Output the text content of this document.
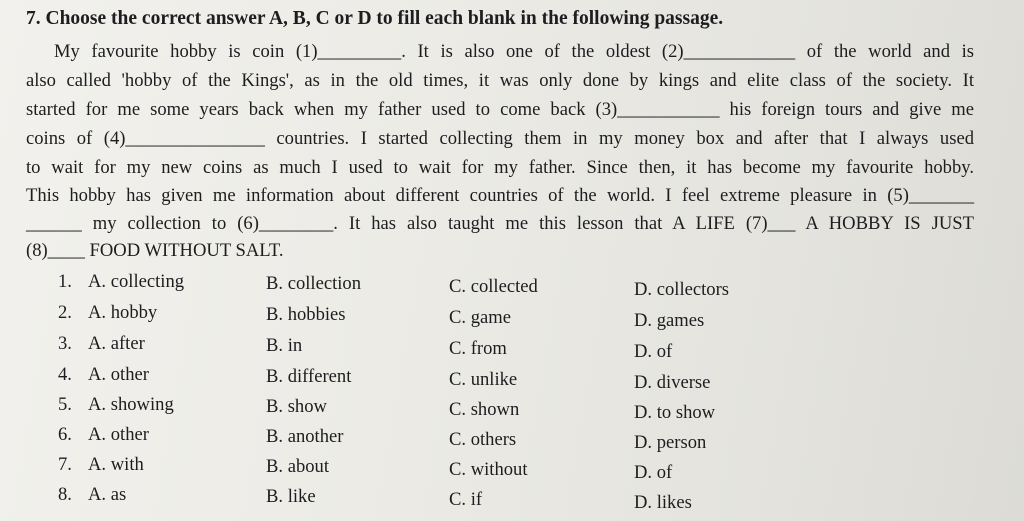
7. Choose the correct answer A, B, C or D to fill each blank in the following passage.
My favourite hobby is coin (1)_________. It is also one of the oldest (2)____________ of the world and is
also called 'hobby of the Kings', as in the old times, it was only done by kings and elite class of the society. It
started for me some years back when my father used to come back (3)___________ his foreign tours and give me
coins of (4)_______________ countries. I started collecting them in my money box and after that I always used
to wait for my new coins as much I used to wait for my father. Since then, it has become my favourite hobby.
This hobby has given me information about different countries of the world. I feel extreme pleasure in (5)_______
______ my collection to (6)________. It has also taught me this lesson that A LIFE (7)___ A HOBBY IS JUST
(8)____ FOOD WITHOUT SALT.
1. A. collecting	B. collection	C. collected	D. collectors
2. A. hobby	B. hobbies	C. game	D. games
3. A. after	B. in	C. from	D. of
4. A. other	B. different	C. unlike	D. diverse
5. A. showing	B. show	C. shown	D. to show
6. A. other	B. another	C. others	D. person
7. A. with	B. about	C. without	D. of
8. A. as	B. like	C. if	D. likes
